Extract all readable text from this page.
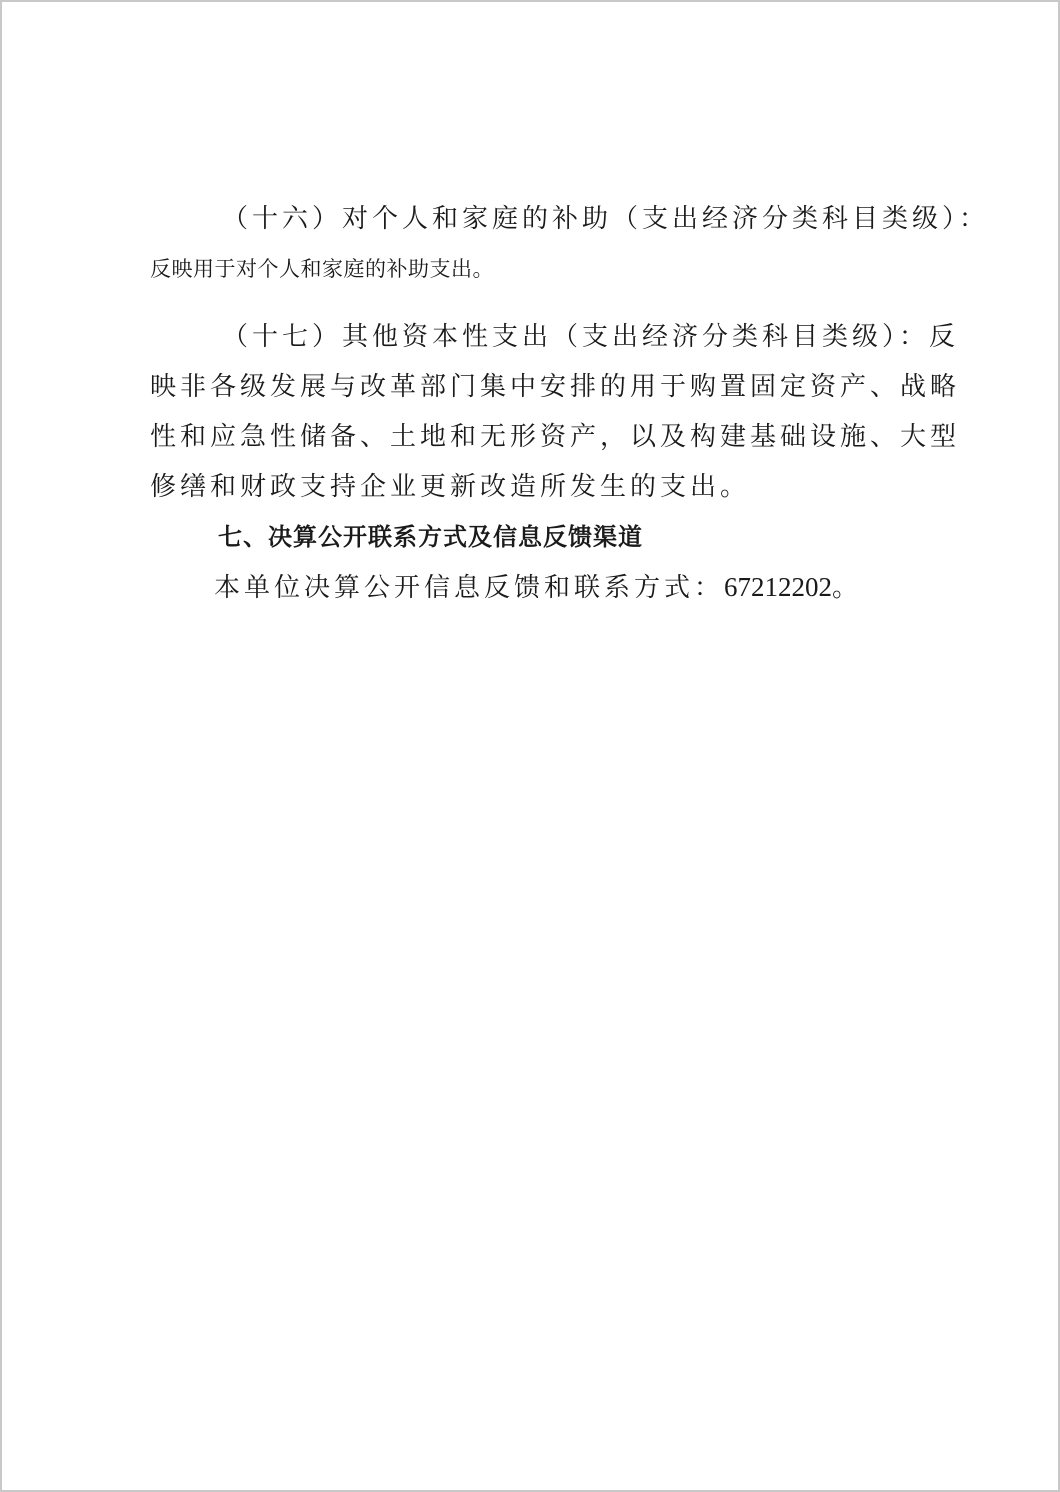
（十六）对个人和家庭的补助（支出经济分类科目类级）：
反映用于对个人和家庭的补助支出。

（十七）其他资本性支出（支出经济分类科目类级）：反
映非各级发展与改革部门集中安排的用于购置固定资产、战略
性和应急性储备、土地和无形资产，以及构建基础设施、大型
修缮和财政支持企业更新改造所发生的支出。

七、决算公开联系方式及信息反馈渠道

本单位决算公开信息反馈和联系方式：67212202。
